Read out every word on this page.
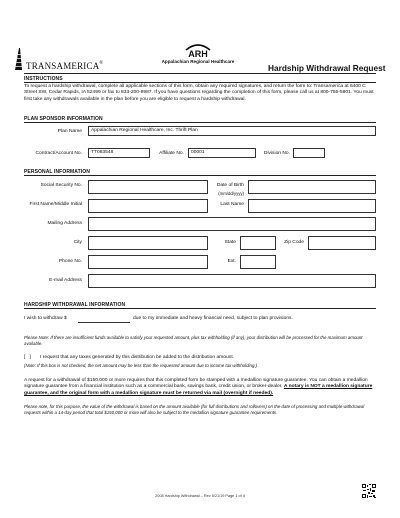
TRANSAMERICA®
ARH
Appalachian Regional Healthcare
Hardship Withdrawal Request
INSTRUCTIONS
To request a hardship withdrawal, complete all applicable sections of this form, obtain any required signatures, and return the form to: Transamerica at 6400 C Street SW, Cedar Rapids, IA 52499 or fax to 833-200-9987. If you have questions regarding the completion of this form, please call us at 800-755-5801. You must first take any withdrawals available in the plan before you are eligible to request a hardship withdrawal.
PLAN SPONSOR INFORMATION
Plan Name	Appalachian Regional Healthcare, Inc. Thrift Plan
Contract/Account No.	TT083548	Affiliate No.	00001	Division No.
PERSONAL INFORMATION
Social Security No.	Date of Birth
(mm/dd/yyyy)
First Name/Middle Initial	Last Name
Mailing Address
City	State	Zip Code
Phone No.	Ext.
E-mail Address
HARDSHIP WITHDRAWAL INFORMATION
I wish to withdraw $	due to my immediate and heavy financial need, subject to plan provisions.
Please Note: If there are insufficient funds available to satisfy your requested amount, plus tax withholding (if any), your distribution will be processed for the maximum amount available.
[   ]	I request that any taxes generated by this distribution be added to the distribution amount.
(Note: If this box is not checked, the net amount may be less than the requested amount due to income tax withholding.)
A request for a withdrawal of $150,000 or more requires that this completed form be stamped with a medallion signature guarantee. You can obtain a medallion signature guarantee from a financial institution such as a commercial bank, savings bank, credit union, or broker-dealer. A notary is NOT a medallion signature guarantee, and the original form with a medallion signature must be returned via mail (overnight if needed).
Please note, for this purpose, the value of the withdrawal is based on the amount available (for full distributions and rollovers) on the date of processing and multiple withdrawal requests within a 14-day period that total $150,000 or more will also be subject to the medallion signature guarantee requirements.
2008 Hardship Withdrawal – Rev 5/21/19 Page 1 of 4
